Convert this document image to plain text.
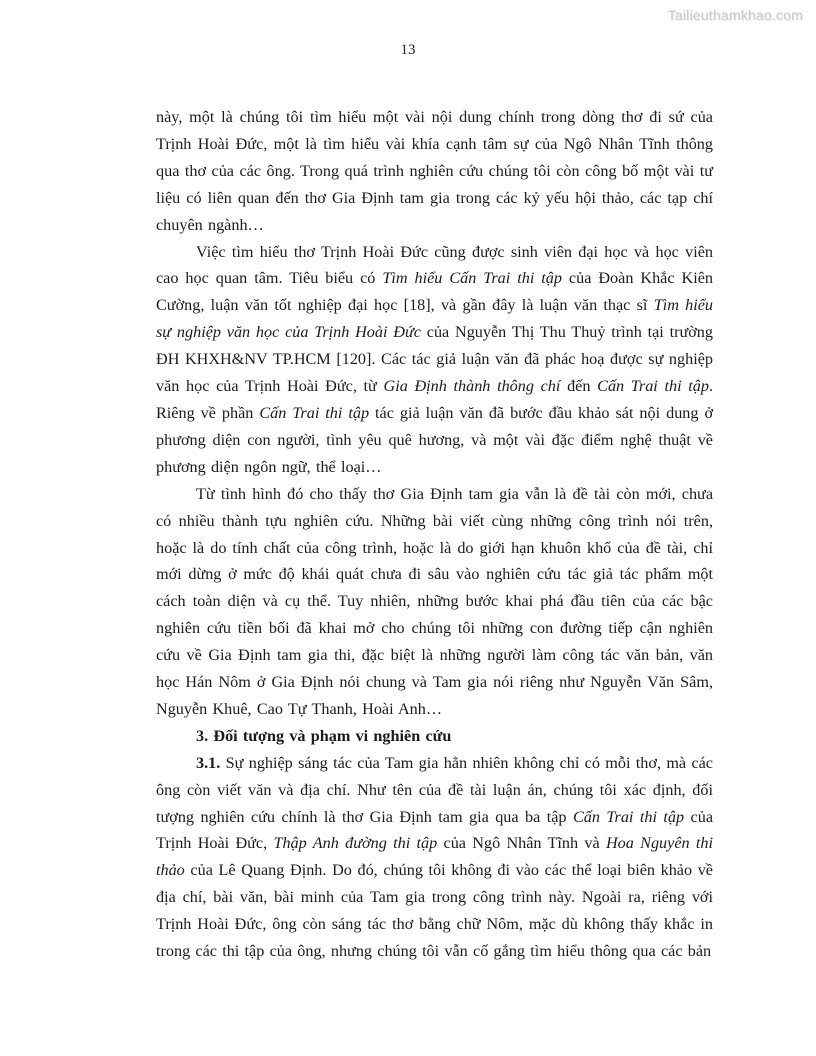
Tailieuthamkhao.com
13

này, một là chúng tôi tìm hiểu một vài nội dung chính trong dòng thơ đi sứ của Trịnh Hoài Đức, một là tìm hiểu vài khía cạnh tâm sự của Ngô Nhân Tĩnh thông qua thơ của các ông. Trong quá trình nghiên cứu chúng tôi còn công bố một vài tư liệu có liên quan đến thơ Gia Định tam gia trong các kỷ yếu hội thảo, các tạp chí chuyên ngành…

Việc tìm hiểu thơ Trịnh Hoài Đức cũng được sinh viên đại học và học viên cao học quan tâm. Tiêu biểu có Tìm hiểu Cấn Trai thi tập của Đoàn Khắc Kiên Cường, luận văn tốt nghiệp đại học [18], và gần đây là luận văn thạc sĩ Tìm hiểu sự nghiệp văn học của Trịnh Hoài Đức của Nguyễn Thị Thu Thuỷ trình tại trường ĐH KHXH&NV TP.HCM [120]. Các tác giả luận văn đã phác hoạ được sự nghiệp văn học của Trịnh Hoài Đức, từ Gia Định thành thông chí đến Cấn Trai thi tập. Riêng về phần Cấn Trai thi tập tác giả luận văn đã bước đầu khảo sát nội dung ở phương diện con người, tình yêu quê hương, và một vài đặc điểm nghệ thuật về phương diện ngôn ngữ, thể loại…

Từ tình hình đó cho thấy thơ Gia Định tam gia vẫn là đề tài còn mới, chưa có nhiều thành tựu nghiên cứu. Những bài viết cùng những công trình nói trên, hoặc là do tính chất của công trình, hoặc là do giới hạn khuôn khổ của đề tài, chỉ mới dừng ở mức độ khái quát chưa đi sâu vào nghiên cứu tác giả tác phẩm một cách toàn diện và cụ thể. Tuy nhiên, những bước khai phá đầu tiên của các bậc nghiên cứu tiền bối đã khai mở cho chúng tôi những con đường tiếp cận nghiên cứu về Gia Định tam gia thi, đặc biệt là những người làm công tác văn bản, văn học Hán Nôm ở Gia Định nói chung và Tam gia nói riêng như Nguyễn Văn Sâm, Nguyễn Khuê, Cao Tự Thanh, Hoài Anh…

3. Đối tượng và phạm vi nghiên cứu

3.1. Sự nghiệp sáng tác của Tam gia hẳn nhiên không chỉ có mỗi thơ, mà các ông còn viết văn và địa chí. Như tên của đề tài luận án, chúng tôi xác định, đối tượng nghiên cứu chính là thơ Gia Định tam gia qua ba tập Cấn Trai thi tập của Trịnh Hoài Đức, Thập Anh đường thi tập của Ngô Nhân Tĩnh và Hoa Nguyên thi thảo của Lê Quang Định. Do đó, chúng tôi không đi vào các thể loại biên khảo về địa chí, bài văn, bài minh của Tam gia trong công trình này. Ngoài ra, riêng với Trịnh Hoài Đức, ông còn sáng tác thơ bằng chữ Nôm, mặc dù không thấy khắc in trong các thi tập của ông, nhưng chúng tôi vẫn cố gắng tìm hiểu thông qua các bản
